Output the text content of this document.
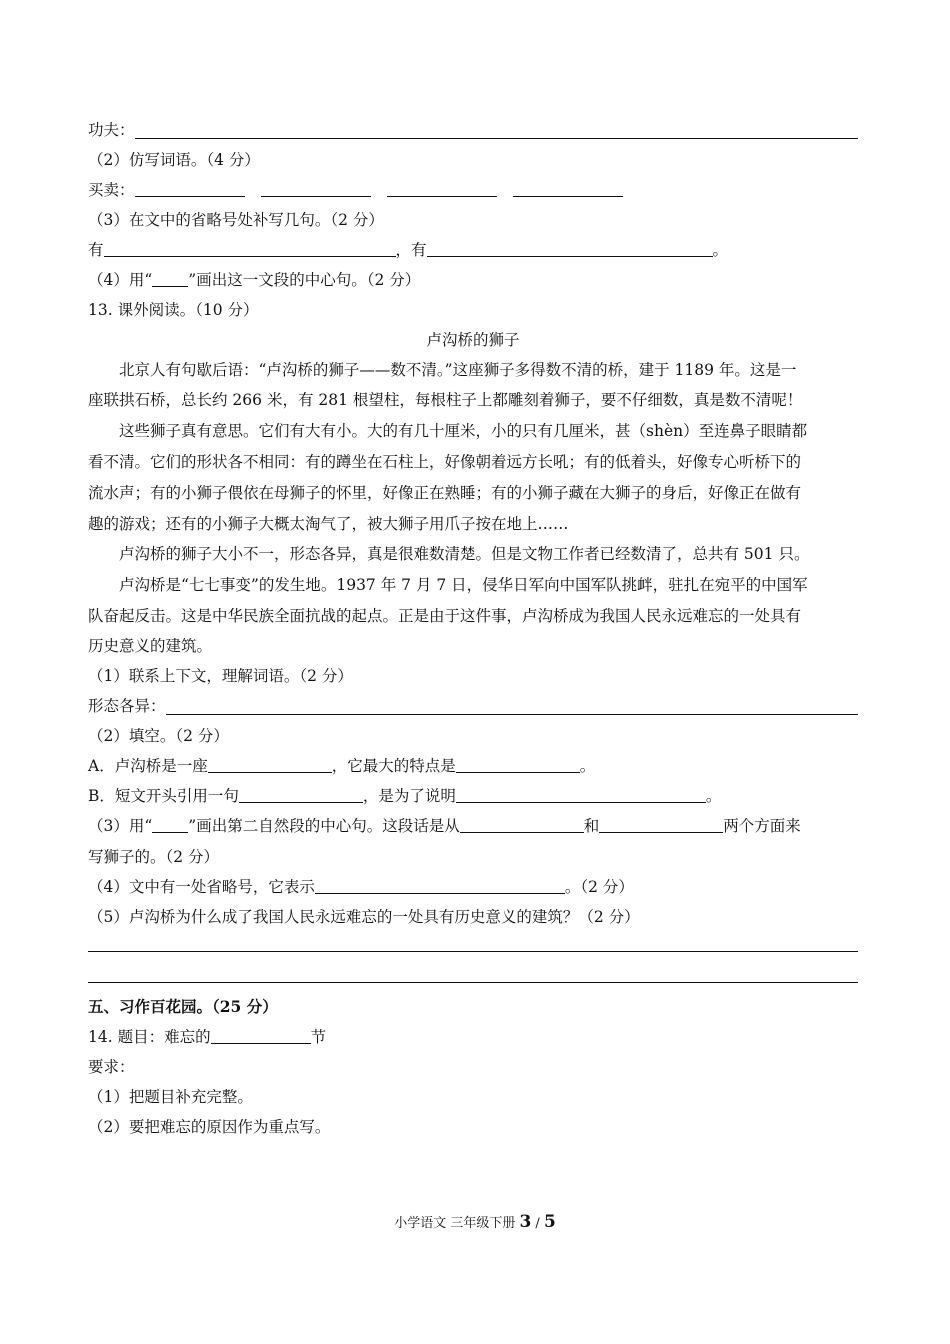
功夫：
（2）仿写词语。（4 分）
买卖：
（3）在文中的省略号处补写几句。（2 分）
有	，有	。
（4）用“ ”画出这一文段的中心句。（2 分）
13. 课外阅读。（10 分）
卢沟桥的狮子
北京人有句歇后语：“卢沟桥的狮子——数不清。”这座狮子多得数不清的桥，建于 1189 年。这是一
座联拱石桥，总长约 266 米，有 281 根望柱，每根柱子上都雕刻着狮子，要不仔细数，真是数不清呢！
这些狮子真有意思。它们有大有小。大的有几十厘米，小的只有几厘米，甚（shèn）至连鼻子眼睛都
看不清。它们的形状各不相同：有的蹲坐在石柱上，好像朝着远方长吼；有的低着头，好像专心听桥下的
流水声；有的小狮子偎依在母狮子的怀里，好像正在熟睡；有的小狮子藏在大狮子的身后，好像正在做有
趣的游戏；还有的小狮子大概太淘气了，被大狮子用爪子按在地上……
卢沟桥的狮子大小不一，形态各异，真是很难数清楚。但是文物工作者已经数清了，总共有 501 只。
卢沟桥是“七七事变”的发生地。1937 年 7 月 7 日，侵华日军向中国军队挑衅，驻扎在宛平的中国军
队奋起反击。这是中华民族全面抗战的起点。正是由于这件事，卢沟桥成为我国人民永远难忘的一处具有
历史意义的建筑。
（1）联系上下文，理解词语。（2 分）
形态各异：
（2）填空。（2 分）
A．卢沟桥是一座	，它最大的特点是	。
B．短文开头引用一句	，是为了说明	。
（3）用“ ”画出第二自然段的中心句。这段话是从	和	两个方面来
写狮子的。（2 分）
（4）文中有一处省略号，它表示	。（2 分）
（5）卢沟桥为什么成了我国人民永远难忘的一处具有历史意义的建筑？（2 分）
五、习作百花园。（25 分）
14. 题目：难忘的	节
要求：
（1）把题目补充完整。
（2）要把难忘的原因作为重点写。
小学语文 三年级下册 3 / 5
